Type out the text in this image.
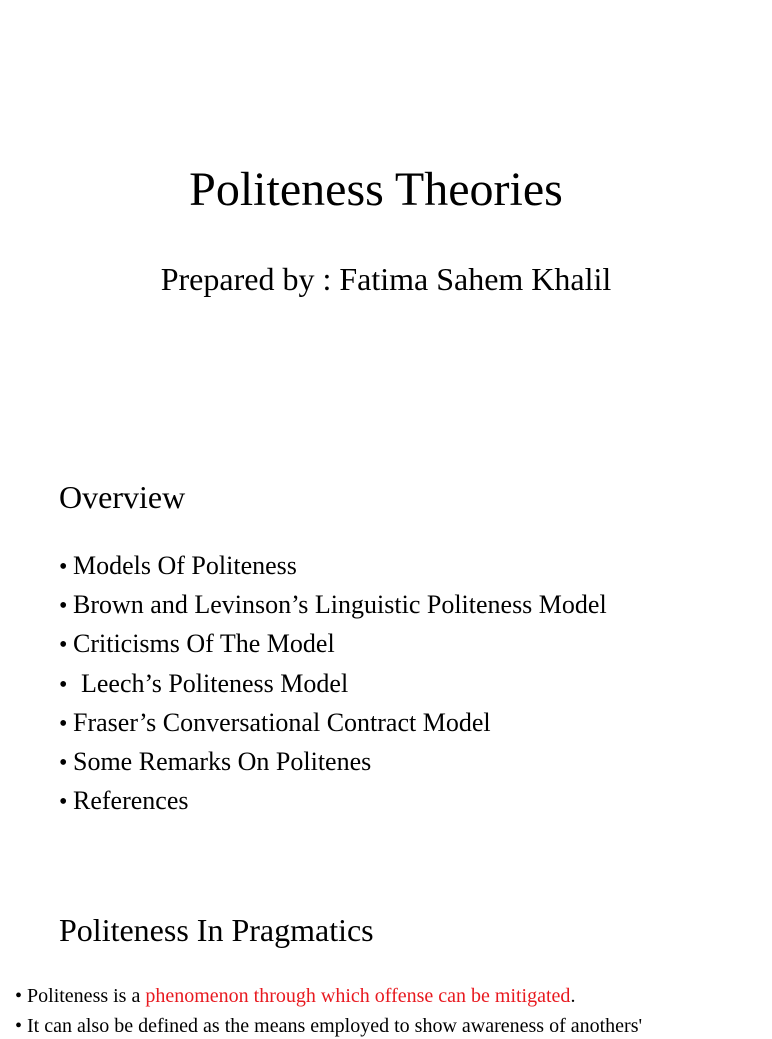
Politeness Theories
Prepared by : Fatima Sahem Khalil
Overview
• Models Of Politeness
• Brown and Levinson’s Linguistic Politeness Model
• Criticisms Of The Model
• Leech’s Politeness Model
• Fraser’s Conversational Contract Model
• Some Remarks On Politenes
• References
Politeness In Pragmatics
• Politeness is a phenomenon through which offense can be mitigated.
• It can also be defined as the means employed to show awareness of anothers'
